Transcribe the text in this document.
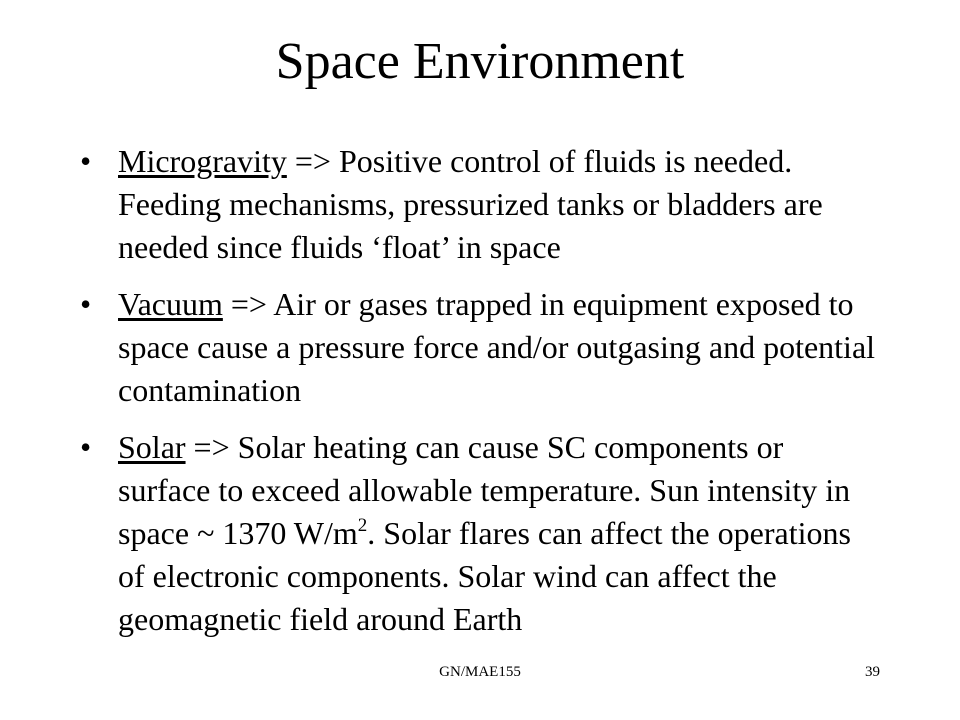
Space Environment
• Microgravity => Positive control of fluids is needed. Feeding mechanisms, pressurized tanks or bladders are needed since fluids ‘float’ in space
• Vacuum => Air or gases trapped in equipment exposed to space cause a pressure force and/or outgasing and potential contamination
• Solar => Solar heating can cause SC components or surface to exceed allowable temperature. Sun intensity in space ~ 1370 $W/m^2$. Solar flares can affect the operations of electronic components. Solar wind can affect the geomagnetic field around Earth
GN/MAE155	39
